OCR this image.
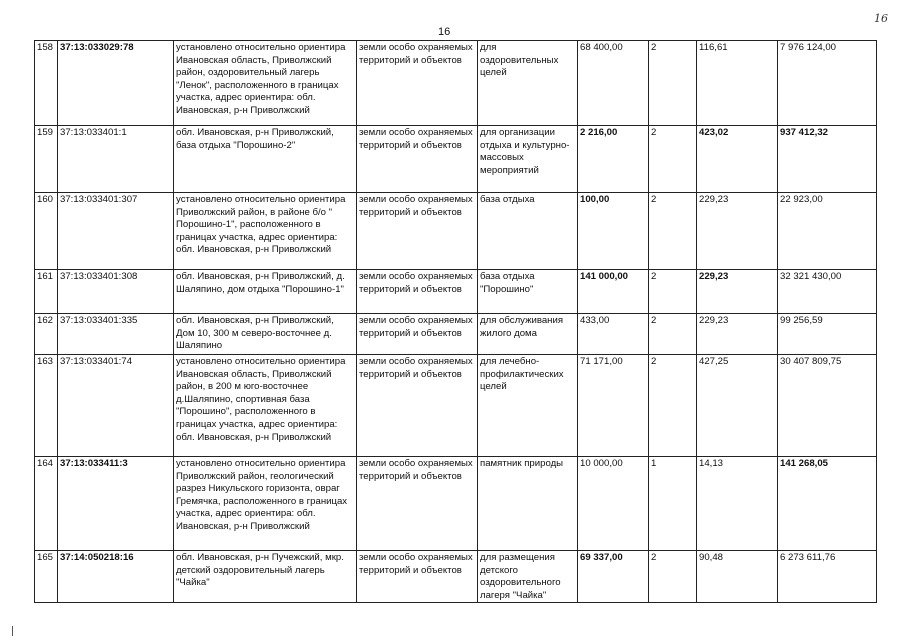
16
16
158	37:13:033029:78	установлено относительно ориентира Ивановская область, Приволжский район, оздоровительный лагерь "Ленок", расположенного в границах участка, адрес ориентира: обл. Ивановская, р-н Приволжский	земли особо охраняемых территорий и объектов	для оздоровительных целей	68 400,00	2	116,61	7 976 124,00
159	37:13:033401:1	обл. Ивановская, р-н Приволжский, база отдыха "Порошино-2"	земли особо охраняемых территорий и объектов	для организации отдыха и культурно-массовых мероприятий	2 216,00	2	423,02	937 412,32
160	37:13:033401:307	установлено относительно ориентира Приволжский район, в районе б/о " Порошино-1", расположенного в границах участка, адрес ориентира: обл. Ивановская, р-н Приволжский	земли особо охраняемых территорий и объектов	база отдыха	100,00	2	229,23	22 923,00
161	37:13:033401:308	обл. Ивановская, р-н Приволжский, д. Шаляпино, дом отдыха "Порошино-1"	земли особо охраняемых территорий и объектов	база отдыха "Порошино"	141 000,00	2	229,23	32 321 430,00
162	37:13:033401:335	обл. Ивановская, р-н Приволжский, Дом 10, 300 м северо-восточнее д. Шаляпино	земли особо охраняемых территорий и объектов	для обслуживания жилого дома	433,00	2	229,23	99 256,59
163	37:13:033401:74	установлено относительно ориентира Ивановская область, Приволжский район, в 200 м юго-восточнее д.Шаляпино, спортивная база "Порошино", расположенного в границах участка, адрес ориентира: обл. Ивановская, р-н Приволжский	земли особо охраняемых территорий и объектов	для лечебно-профилактических целей	71 171,00	2	427,25	30 407 809,75
164	37:13:033411:3	установлено относительно ориентира Приволжский район, геологический разрез Никульского горизонта, овраг Гремячка, расположенного в границах участка, адрес ориентира: обл. Ивановская, р-н Приволжский	земли особо охраняемых территорий и объектов	памятник природы	10 000,00	1	14,13	141 268,05
165	37:14:050218:16	обл. Ивановская, р-н Пучежский, мкр. детский оздоровительный лагерь "Чайка"	земли особо охраняемых территорий и объектов	для размещения детского оздоровительного лагеря "Чайка"	69 337,00	2	90,48	6 273 611,76
